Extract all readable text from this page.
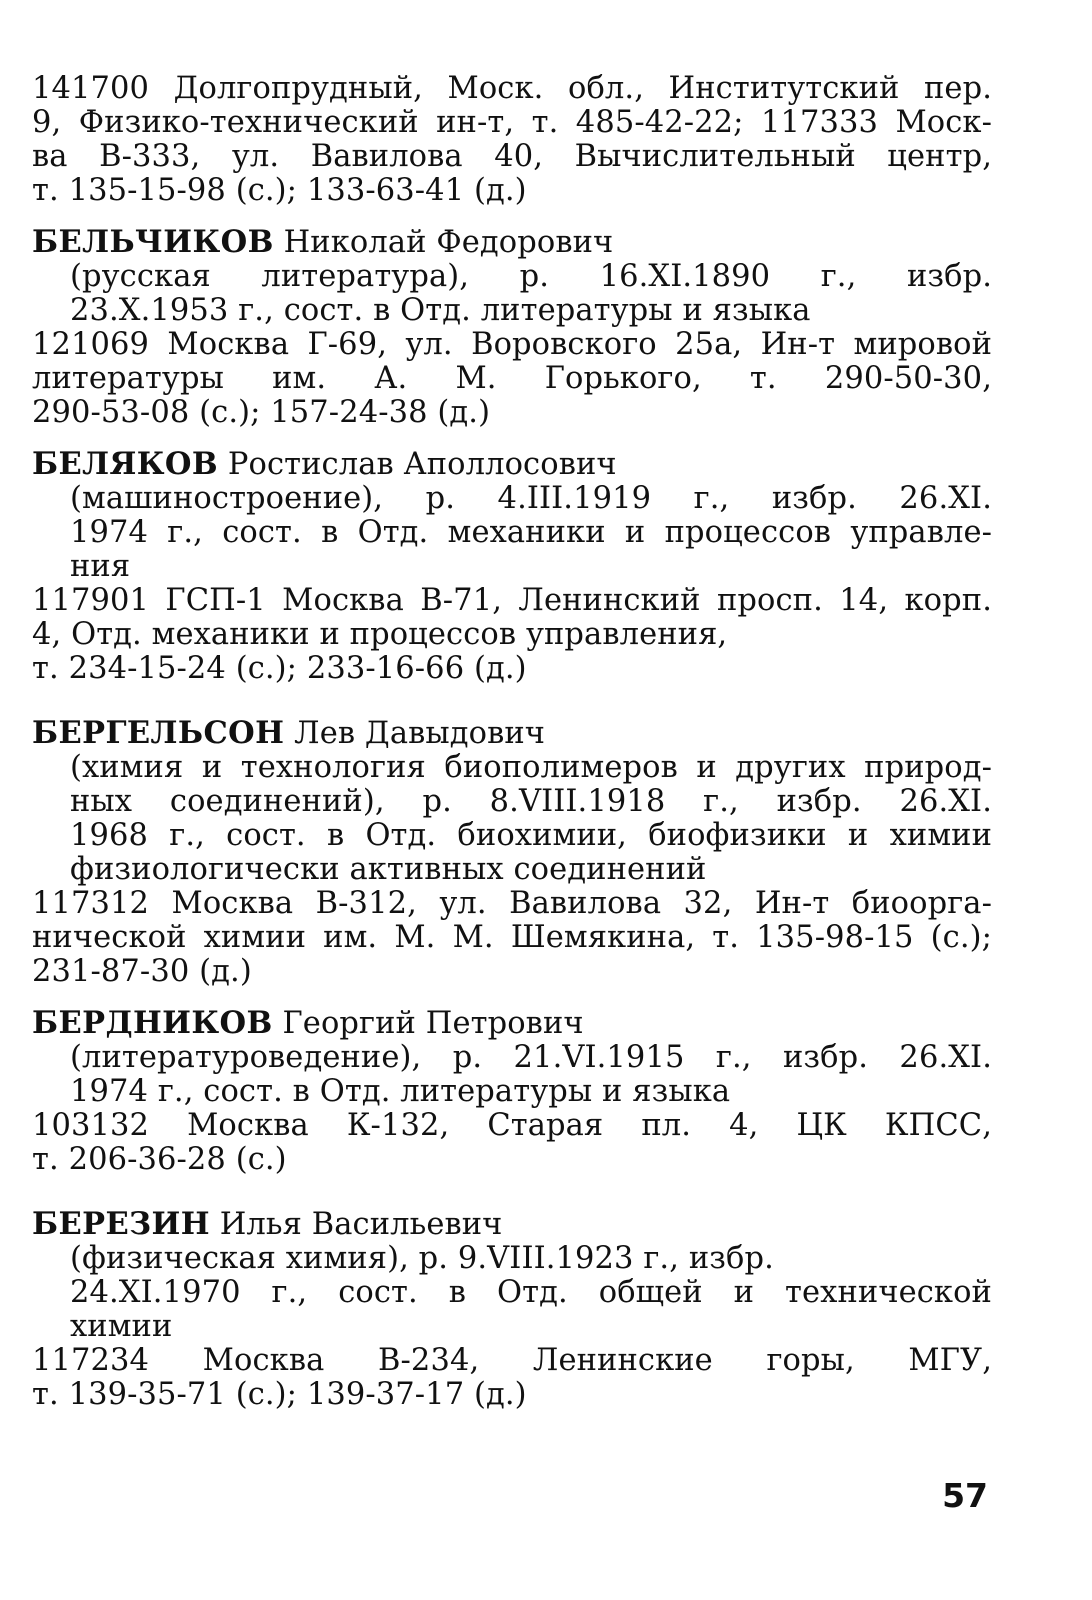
141700 Долгопрудный, Моск. обл., Институтский пер.
9, Физико-технический ин-т, т. 485-42-22; 117333 Моск-
ва В-333, ул. Вавилова 40, Вычислительный центр,
т. 135-15-98 (с.); 133-63-41 (д.)
БЕЛЬЧИКОВ Николай Федорович
(русская литература), р. 16.XI.1890 г., избр.
23.X.1953 г., сост. в Отд. литературы и языка
121069 Москва Г-69, ул. Воровского 25а, Ин-т мировой
литературы им. А. М. Горького, т. 290-50-30,
290-53-08 (с.); 157-24-38 (д.)
БЕЛЯКОВ Ростислав Аполлосович
(машиностроение), р. 4.III.1919 г., избр. 26.XI.
1974 г., сост. в Отд. механики и процессов управле-
ния
117901 ГСП-1 Москва В-71, Ленинский просп. 14, корп.
4, Отд. механики и процессов управления,
т. 234-15-24 (с.); 233-16-66 (д.)
БЕРГЕЛЬСОН Лев Давыдович
(химия и технология биополимеров и других природ-
ных соединений), р. 8.VIII.1918 г., избр. 26.XI.
1968 г., сост. в Отд. биохимии, биофизики и химии
физиологически активных соединений
117312 Москва В-312, ул. Вавилова 32, Ин-т биоорга-
нической химии им. М. М. Шемякина, т. 135-98-15 (с.);
231-87-30 (д.)
БЕРДНИКОВ Георгий Петрович
(литературоведение), р. 21.VI.1915 г., избр. 26.XI.
1974 г., сост. в Отд. литературы и языка
103132 Москва К-132, Старая пл. 4, ЦК КПСС,
т. 206-36-28 (с.)
БЕРЕЗИН Илья Васильевич
(физическая химия), р. 9.VIII.1923 г., избр.
24.XI.1970 г., сост. в Отд. общей и технической
химии
117234 Москва В-234, Ленинские горы, МГУ,
т. 139-35-71 (с.); 139-37-17 (д.)
57
